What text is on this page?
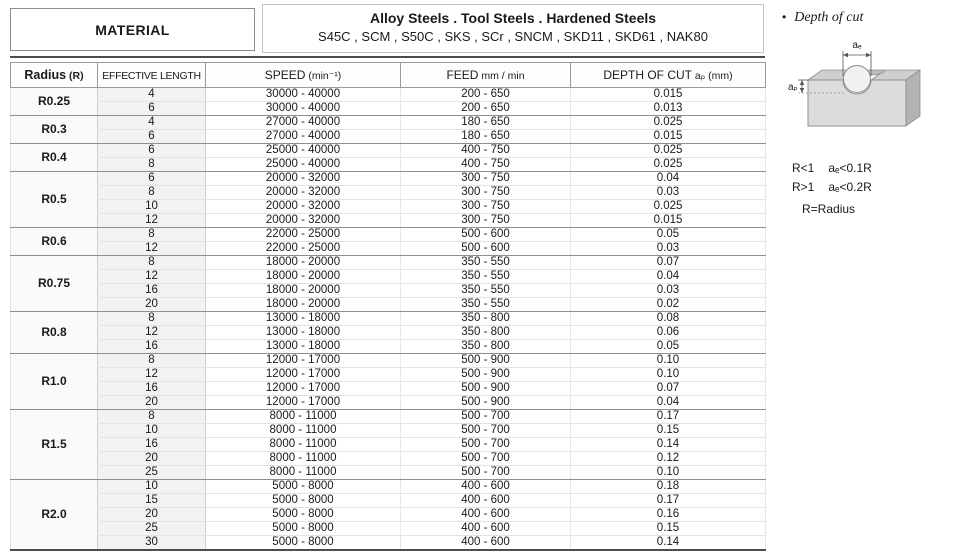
MATERIAL
Alloy Steels . Tool Steels . Hardened Steels
S45C , SCM , S50C , SKS , SCr , SNCM , SKD11 , SKD61 , NAK80
Radius (R)	EFFECTIVE LENGTH	SPEED (min⁻¹)	FEED mm / min	DEPTH OF CUT aₚ (mm)
R0.25	4	30000 - 40000	200 - 650	0.015
	6	30000 - 40000	200 - 650	0.013
R0.3	4	27000 - 40000	180 - 650	0.025
	6	27000 - 40000	180 - 650	0.015
R0.4	6	25000 - 40000	400 - 750	0.025
	8	25000 - 40000	400 - 750	0.025
R0.5	6	20000 - 32000	300 - 750	0.04
	8	20000 - 32000	300 - 750	0.03
	10	20000 - 32000	300 - 750	0.025
	12	20000 - 32000	300 - 750	0.015
R0.6	8	22000 - 25000	500 - 600	0.05
	12	22000 - 25000	500 - 600	0.03
R0.75	8	18000 - 20000	350 - 550	0.07
	12	18000 - 20000	350 - 550	0.04
	16	18000 - 20000	350 - 550	0.03
	20	18000 - 20000	350 - 550	0.02
R0.8	8	13000 - 18000	350 - 800	0.08
	12	13000 - 18000	350 - 800	0.06
	16	13000 - 18000	350 - 800	0.05
R1.0	8	12000 - 17000	500 - 900	0.10
	12	12000 - 17000	500 - 900	0.10
	16	12000 - 17000	500 - 900	0.07
	20	12000 - 17000	500 - 900	0.04
R1.5	8	8000 - 11000	500 - 700	0.17
	10	8000 - 11000	500 - 700	0.15
	16	8000 - 11000	500 - 700	0.14
	20	8000 - 11000	500 - 700	0.12
	25	8000 - 11000	500 - 700	0.10
R2.0	10	5000 - 8000	400 - 600	0.18
	15	5000 - 8000	400 - 600	0.17
	20	5000 - 8000	400 - 600	0.16
	25	5000 - 8000	400 - 600	0.15
	30	5000 - 8000	400 - 600	0.14
• Depth of cut
aₑ
aₚ
R<1 aₑ<0.1R
R>1 aₑ<0.2R
R=Radius
